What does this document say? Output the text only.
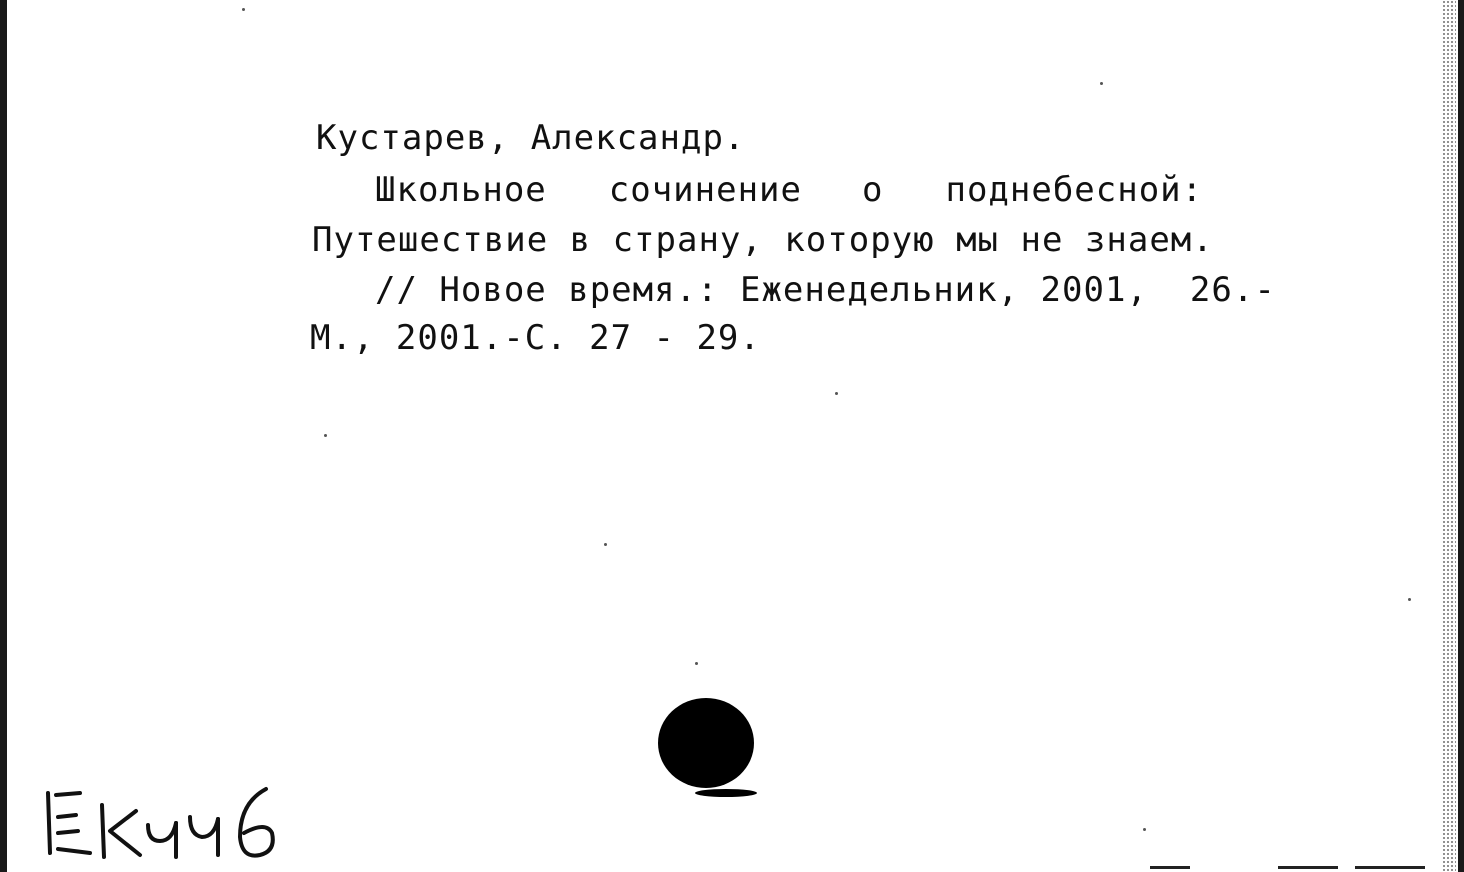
Кустарев, Александр.
Школьное сочинение о поднебесной:
Путешествие в страну, которую мы не знаем.
// Новое время.: Еженедельник, 2001, 26.-
М., 2001.-С. 27 - 29.
ЕКи6
